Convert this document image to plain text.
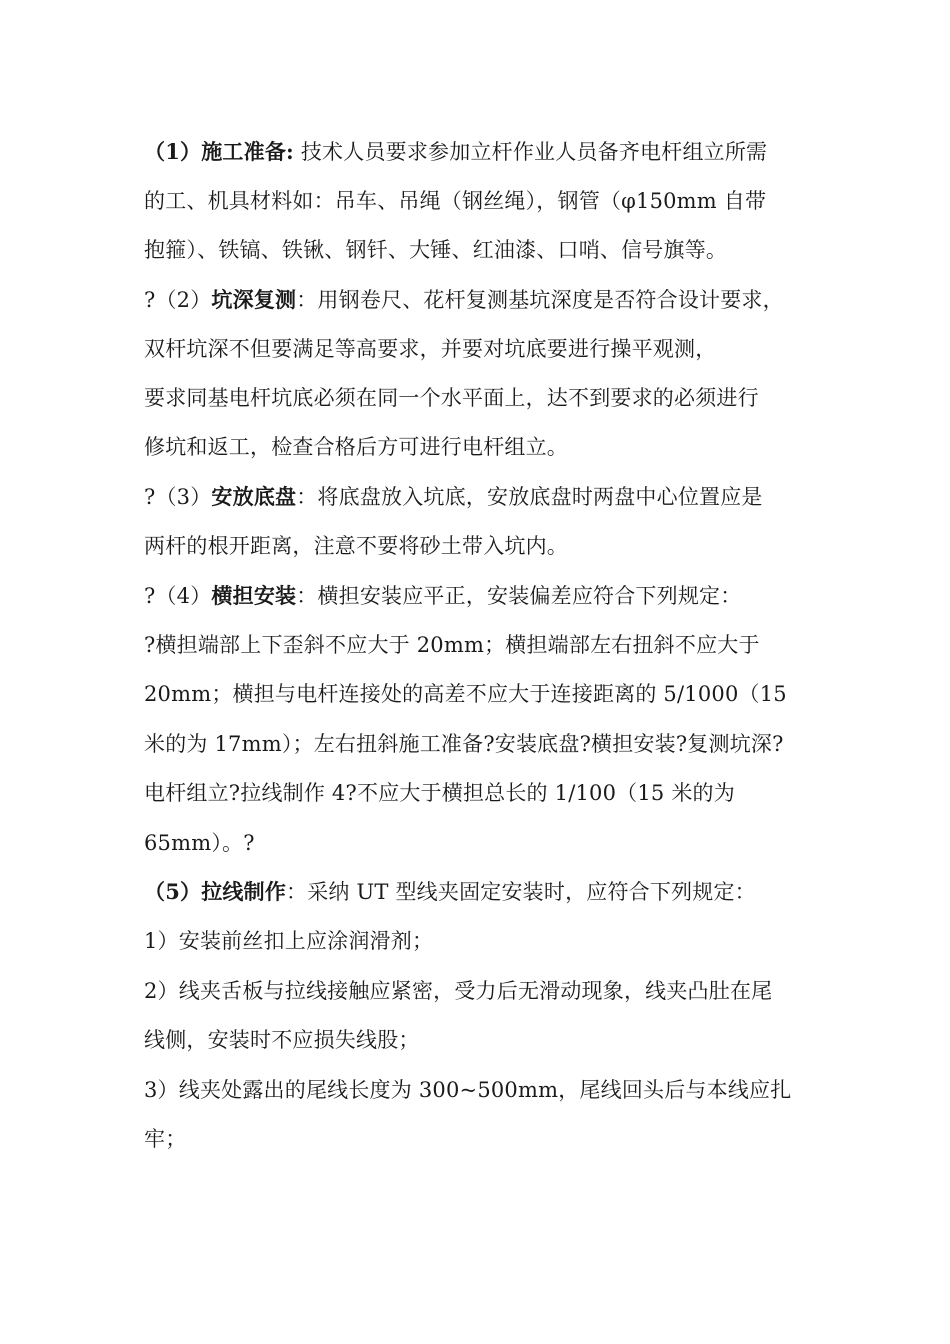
（1）施工准备: 技术人员要求参加立杆作业人员备齐电杆组立所需
的工、机具材料如：吊车、吊绳（钢丝绳），钢管（φ150mm 自带
抱箍）、铁镐、铁锹、钢钎、大锤、红油漆、口哨、信号旗等。
?（2）坑深复测：用钢卷尺、花杆复测基坑深度是否符合设计要求，
双杆坑深不但要满足等高要求，并要对坑底要进行操平观测，
要求同基电杆坑底必须在同一个水平面上，达不到要求的必须进行
修坑和返工，检查合格后方可进行电杆组立。
?（3）安放底盘：将底盘放入坑底，安放底盘时两盘中心位置应是
两杆的根开距离，注意不要将砂土带入坑内。
?（4）横担安装：横担安装应平正，安装偏差应符合下列规定：
?横担端部上下歪斜不应大于 20mm；横担端部左右扭斜不应大于
20mm；横担与电杆连接处的高差不应大于连接距离的 5/1000（15
米的为 17mm）；左右扭斜施工准备?安装底盘?横担安装?复测坑深?
电杆组立?拉线制作 4?不应大于横担总长的 1/100（15 米的为
65mm）。?
（5）拉线制作：采纳 UT 型线夹固定安装时，应符合下列规定：
1）安装前丝扣上应涂润滑剂；
2）线夹舌板与拉线接触应紧密，受力后无滑动现象，线夹凸肚在尾
线侧，安装时不应损失线股；
3）线夹处露出的尾线长度为 300~500mm，尾线回头后与本线应扎
牢；
